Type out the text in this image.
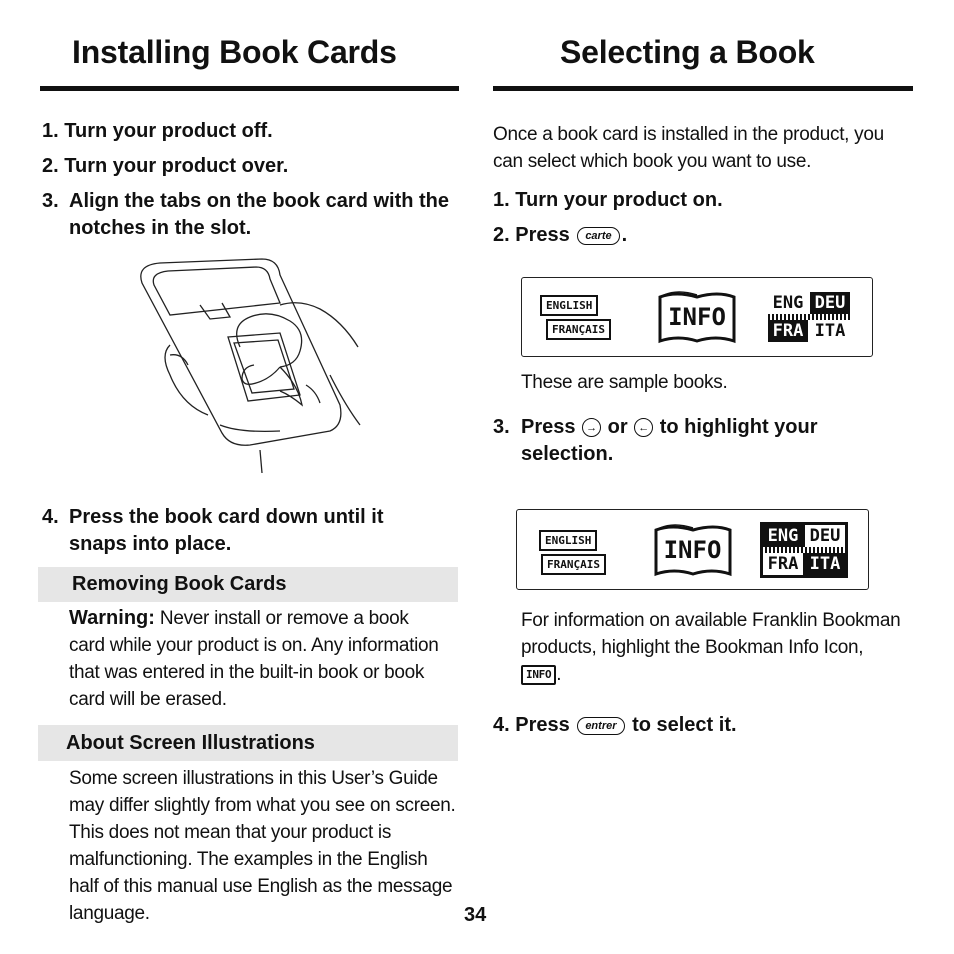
Installing Book Cards
1. Turn your product off.
2. Turn your product over.
3. Align the tabs on the book card with the notches in the slot.
4. Press the book card down until it snaps into place.
Removing Book Cards
Warning: Never install or remove a book card while your product is on. Any information that was entered in the built-in book or book card will be erased.
About Screen Illustrations
Some screen illustrations in this User’s Guide may differ slightly from what you see on screen. This does not mean that your product is malfunctioning. The examples in the English half of this manual use English as the message language.
Selecting a Book
Once a book card is installed in the product, you can select which book you want to use.
1. Turn your product on.
2. Press carte .
ENGLISH
FRANÇAIS	INFO	ENG DEU
FRA ITA
These are sample books.
3. Press → or ← to highlight your selection.
ENGLISH
FRANÇAIS
INFO	ENG DEU
FRA ITA
For information on available Franklin Bookman products, highlight the Bookman Info Icon, INFO .
4. Press entrer to select it.
34
